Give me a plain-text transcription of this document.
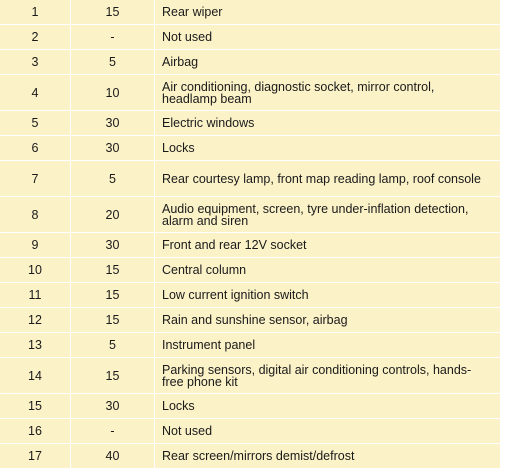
1	15	Rear wiper
2	-	Not used
3	5	Airbag
4	10	Air conditioning, diagnostic socket, mirror control, headlamp beam
5	30	Electric windows
6	30	Locks
7	5	Rear courtesy lamp, front map reading lamp, roof console
8	20	Audio equipment, screen, tyre under-inflation detection, alarm and siren
9	30	Front and rear 12V socket
10	15	Central column
11	15	Low current ignition switch
12	15	Rain and sunshine sensor, airbag
13	5	Instrument panel
14	15	Parking sensors, digital air conditioning controls, hands-free phone kit
15	30	Locks
16	-	Not used
17	40	Rear screen/mirrors demist/defrost
